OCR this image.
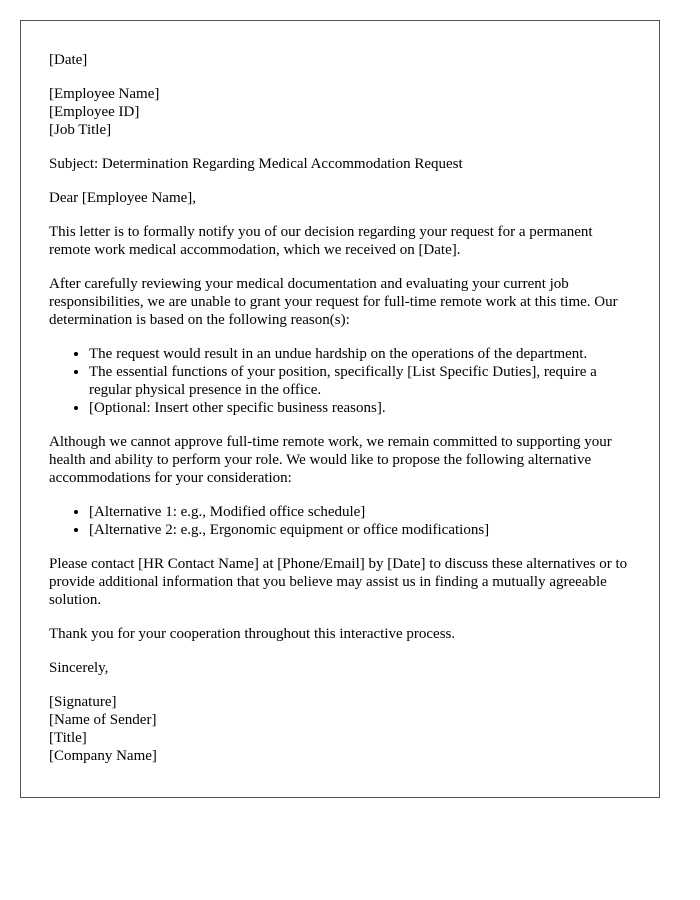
[Date]
[Employee Name]
[Employee ID]
[Job Title]

Subject: Determination Regarding Medical Accommodation Request

Dear [Employee Name],

This letter is to formally notify you of our decision regarding your request for a permanent remote work medical accommodation, which we received on [Date].

After carefully reviewing your medical documentation and evaluating your current job responsibilities, we are unable to grant your request for full-time remote work at this time. Our determination is based on the following reason(s):

• The request would result in an undue hardship on the operations of the department.
• The essential functions of your position, specifically [List Specific Duties], require a regular physical presence in the office.
• [Optional: Insert other specific business reasons].

Although we cannot approve full-time remote work, we remain committed to supporting your health and ability to perform your role. We would like to propose the following alternative accommodations for your consideration:

• [Alternative 1: e.g., Modified office schedule]
• [Alternative 2: e.g., Ergonomic equipment or office modifications]

Please contact [HR Contact Name] at [Phone/Email] by [Date] to discuss these alternatives or to provide additional information that you believe may assist us in finding a mutually agreeable solution.

Thank you for your cooperation throughout this interactive process.

Sincerely,

[Signature]
[Name of Sender]
[Title]
[Company Name]
